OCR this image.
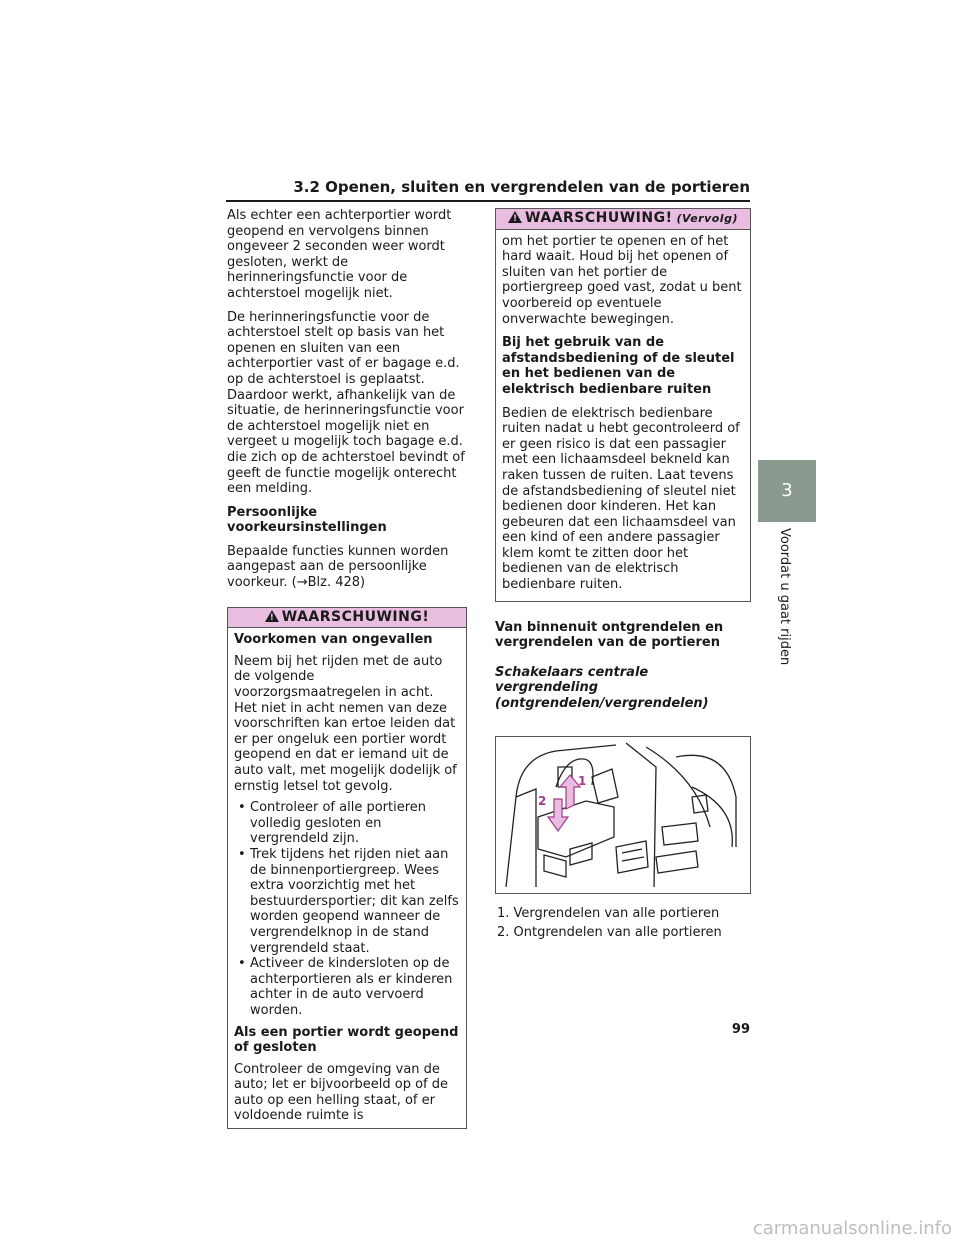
3.2 Openen, sluiten en vergrendelen van de portieren

Als echter een achterportier wordt geopend en vervolgens binnen ongeveer 2 seconden weer wordt gesloten, werkt de herinneringsfunctie voor de achterstoel mogelijk niet.

De herinneringsfunctie voor de achterstoel stelt op basis van het openen en sluiten van een achterportier vast of er bagage e.d. op de achterstoel is geplaatst. Daardoor werkt, afhankelijk van de situatie, de herinneringsfunctie voor de achterstoel mogelijk niet en vergeet u mogelijk toch bagage e.d. die zich op de achterstoel bevindt of geeft de functie mogelijk onterecht een melding.

Persoonlijke voorkeursinstellingen

Bepaalde functies kunnen worden aangepast aan de persoonlijke voorkeur. (→Blz. 428)

!WAARSCHUWING!

Voorkomen van ongevallen

Neem bij het rijden met de auto de volgende voorzorgsmaatregelen in acht. Het niet in acht nemen van deze voorschriften kan ertoe leiden dat er per ongeluk een portier wordt geopend en dat er iemand uit de auto valt, met mogelijk dodelijk of ernstig letsel tot gevolg.

• Controleer of alle portieren volledig gesloten en vergrendeld zijn.
• Trek tijdens het rijden niet aan de binnenportiergreep. Wees extra voorzichtig met het bestuurdersportier; dit kan zelfs worden geopend wanneer de vergrendelknop in de stand vergrendeld staat.
• Activeer de kindersloten op de achterportieren als er kinderen achter in de auto vervoerd worden.

Als een portier wordt geopend of gesloten

Controleer de omgeving van de auto; let er bijvoorbeeld op of de auto op een helling staat, of er voldoende ruimte is

!WAARSCHUWING! (Vervolg)

om het portier te openen en of het hard waait. Houd bij het openen of sluiten van het portier de portiergreep goed vast, zodat u bent voorbereid op eventuele onverwachte bewegingen.

Bij het gebruik van de afstandsbediening of de sleutel en het bedienen van de elektrisch bedienbare ruiten

Bedien de elektrisch bedienbare ruiten nadat u hebt gecontroleerd of er geen risico is dat een passagier met een lichaamsdeel bekneld kan raken tussen de ruiten. Laat tevens de afstandsbediening of sleutel niet bedienen door kinderen. Het kan gebeuren dat een lichaamsdeel van een kind of een andere passagier klem komt te zitten door het bedienen van de elektrisch bedienbare ruiten.

Van binnenuit ontgrendelen en vergrendelen van de portieren

Schakelaars centrale vergrendeling (ontgrendelen/vergrendelen)

2
1
1. Vergrendelen van alle portieren
2. Ontgrendelen van alle portieren
3
Voordat u gaat rijden
99
carmanualsonline.info
